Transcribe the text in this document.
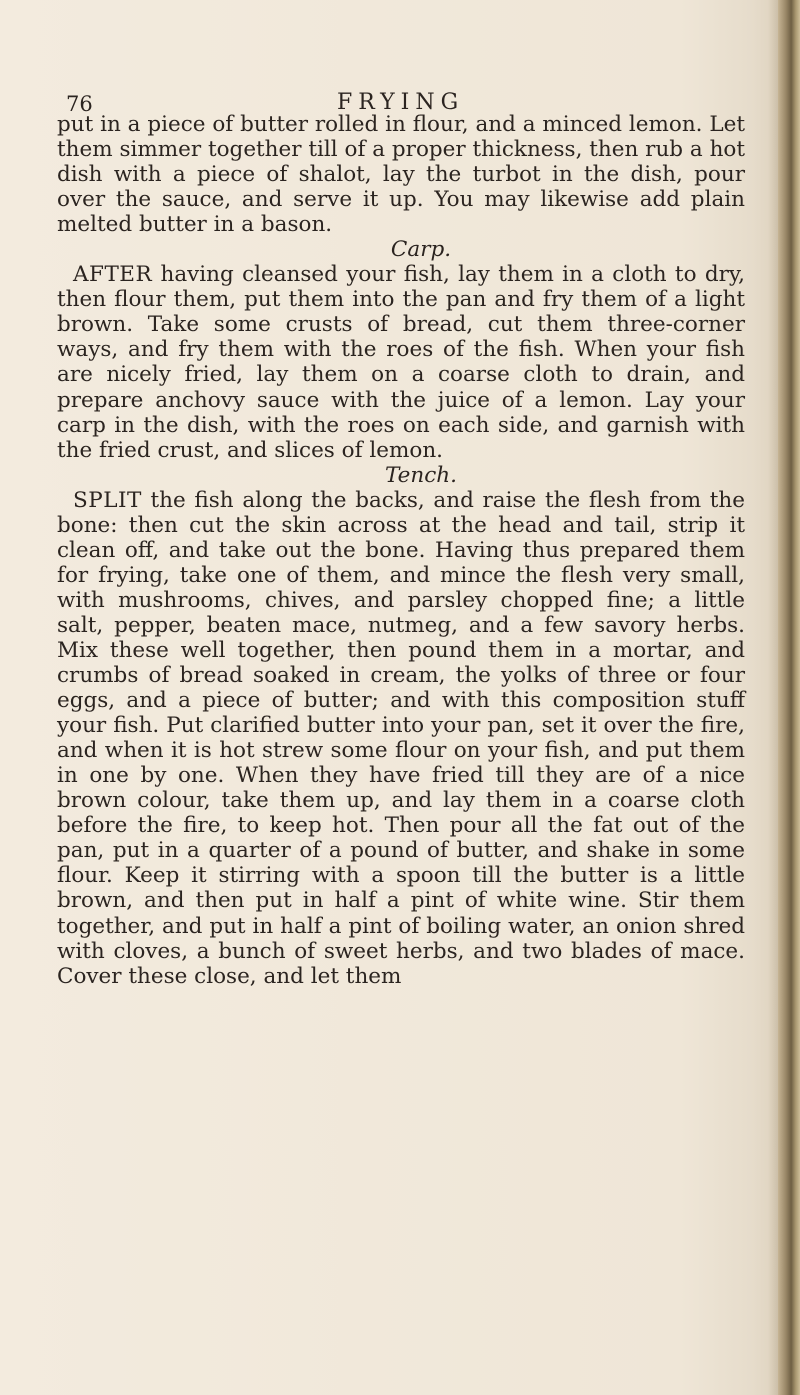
76	FRYING

put in a piece of butter rolled in flour, and a minced lemon. Let them simmer together till of a proper thickness, then rub a hot dish with a piece of shalot, lay the turbot in the dish, pour over the sauce, and serve it up. You may likewise add plain melted butter in a bason.

Carp.

AFTER having cleansed your fish, lay them in a cloth to dry, then flour them, put them into the pan and fry them of a light brown. Take some crusts of bread, cut them three-corner ways, and fry them with the roes of the fish. When your fish are nicely fried, lay them on a coarse cloth to drain, and prepare anchovy sauce with the juice of a lemon. Lay your carp in the dish, with the roes on each side, and garnish with the fried crust, and slices of lemon.

Tench.

SPLIT the fish along the backs, and raise the flesh from the bone: then cut the skin across at the head and tail, strip it clean off, and take out the bone. Having thus prepared them for frying, take one of them, and mince the flesh very small, with mushrooms, chives, and parsley chopped fine; a little salt, pepper, beaten mace, nutmeg, and a few savory herbs. Mix these well together, then pound them in a mortar, and crumbs of bread soaked in cream, the yolks of three or four eggs, and a piece of butter; and with this composition stuff your fish. Put clarified butter into your pan, set it over the fire, and when it is hot strew some flour on your fish, and put them in one by one. When they have fried till they are of a nice brown colour, take them up, and lay them in a coarse cloth before the fire, to keep hot. Then pour all the fat out of the pan, put in a quarter of a pound of butter, and shake in some flour. Keep it stirring with a spoon till the butter is a little brown, and then put in half a pint of white wine. Stir them together, and put in half a pint of boiling water, an onion shred with cloves, a bunch of sweet herbs, and two blades of mace. Cover these close, and let them
